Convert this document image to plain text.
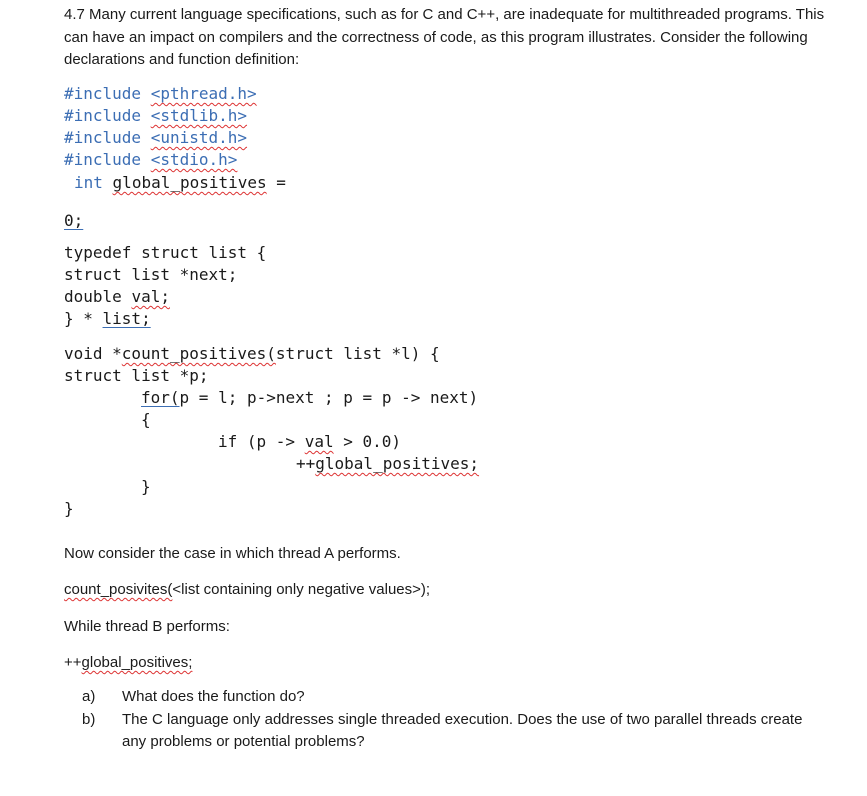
4.7 Many current language specifications, such as for C and C++, are inadequate for multithreaded programs. This can have an impact on compilers and the correctness of code, as this program illustrates. Consider the following declarations and function definition:

#include <pthread.h>
#include <stdlib.h>
#include <unistd.h>
#include <stdio.h>
int global_positives =
0;
typedef struct list {
struct list *next;
double val;
} * list;
void *count_positives(struct list *l) {
struct list *p;
for(p = l; p->next ; p = p -> next)
{
if (p -> val > 0.0)
++global_positives;
}
}
Now consider the case in which thread A performs.
count_posivites(<list containing only negative values>);
While thread B performs:
++global_positives;
a)	What does the function do?
b)	The C language only addresses single threaded execution. Does the use of two parallel threads create any problems or potential problems?
